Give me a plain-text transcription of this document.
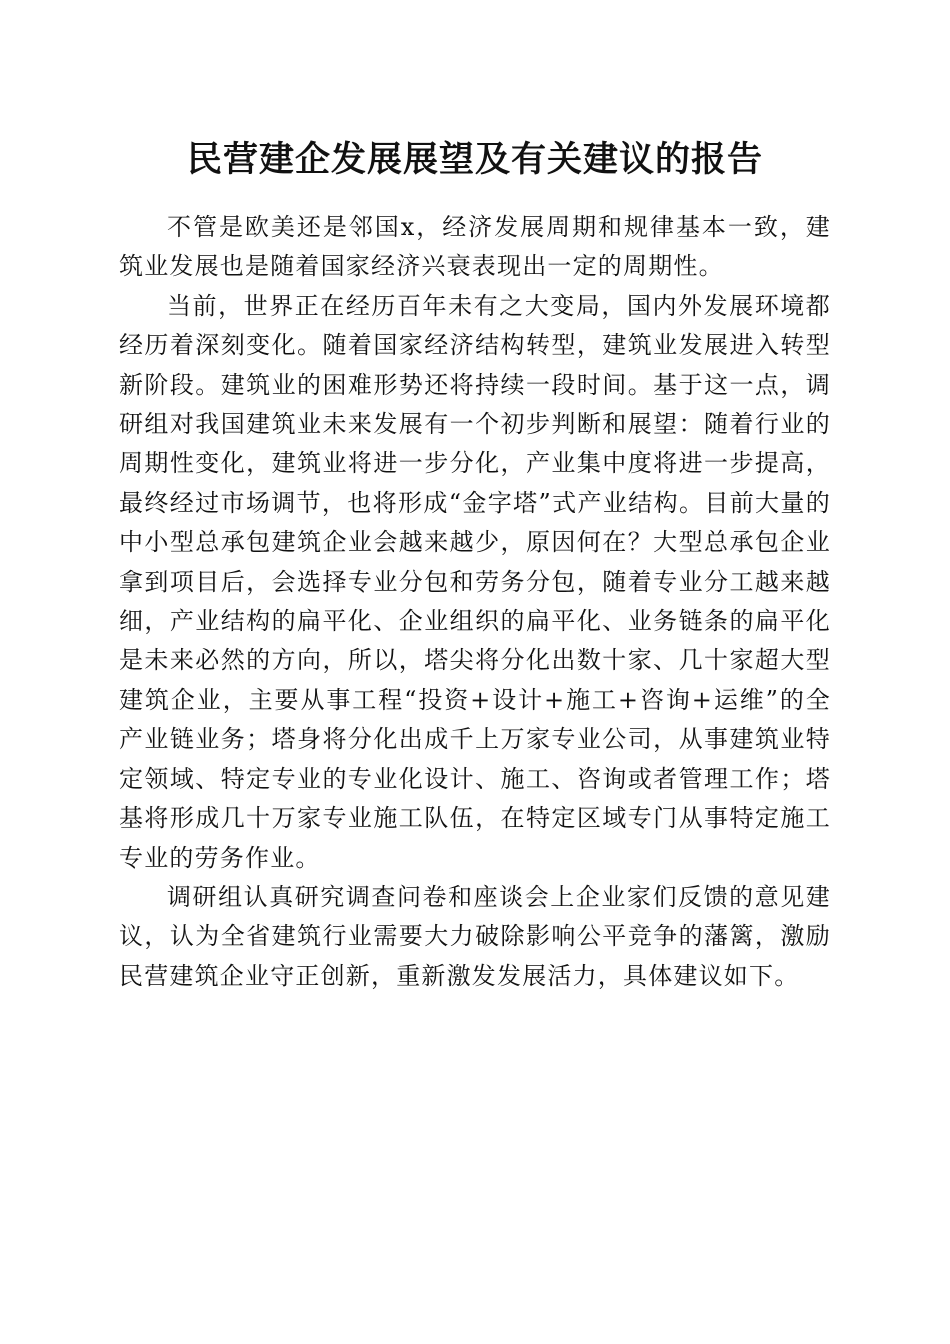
民营建企发展展望及有关建议的报告

不管是欧美还是邻国x，经济发展周期和规律基本一致，建筑业发展也是随着国家经济兴衰表现出一定的周期性。

当前，世界正在经历百年未有之大变局，国内外发展环境都经历着深刻变化。随着国家经济结构转型，建筑业发展进入转型新阶段。建筑业的困难形势还将持续一段时间。基于这一点，调研组对我国建筑业未来发展有一个初步判断和展望：随着行业的周期性变化，建筑业将进一步分化，产业集中度将进一步提高，最终经过市场调节，也将形成“金字塔”式产业结构。目前大量的中小型总承包建筑企业会越来越少，原因何在？大型总承包企业拿到项目后，会选择专业分包和劳务分包，随着专业分工越来越细，产业结构的扁平化、企业组织的扁平化、业务链条的扁平化是未来必然的方向，所以，塔尖将分化出数十家、几十家超大型建筑企业，主要从事工程“投资+设计+施工+咨询+运维”的全产业链业务；塔身将分化出成千上万家专业公司，从事建筑业特定领域、特定专业的专业化设计、施工、咨询或者管理工作；塔基将形成几十万家专业施工队伍，在特定区域专门从事特定施工专业的劳务作业。

调研组认真研究调查问卷和座谈会上企业家们反馈的意见建议，认为全省建筑行业需要大力破除影响公平竞争的藩篱，激励民营建筑企业守正创新，重新激发发展活力，具体建议如下。
